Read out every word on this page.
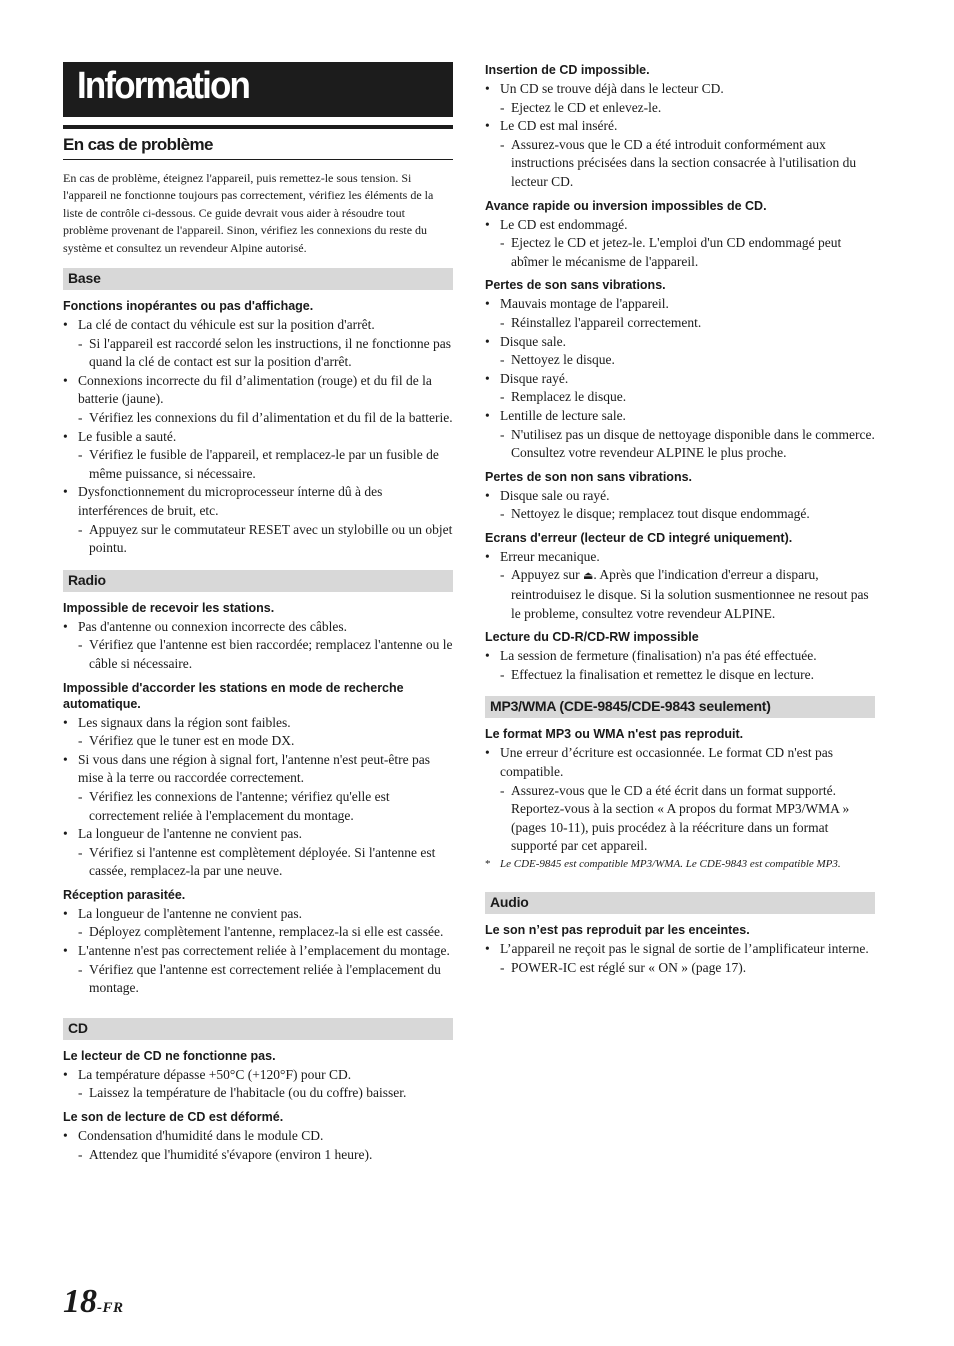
Information
En cas de problème

En cas de problème, éteignez l'appareil, puis remettez-le sous tension. Si l'appareil ne fonctionne toujours pas correctement, vérifiez les éléments de la liste de contrôle ci-dessous. Ce guide devrait vous aider à résoudre tout problème provenant de l'appareil. Sinon, vérifiez les connexions du reste du système et consultez un revendeur Alpine autorisé.

Base
Fonctions inopérantes ou pas d'affichage.
• La clé de contact du véhicule est sur la position d'arrêt.
- Si l'appareil est raccordé selon les instructions, il ne fonctionne pas quand la clé de contact est sur la position d'arrêt.
• Connexions incorrecte du fil d’alimentation (rouge) et du fil de la batterie (jaune).
- Vérifiez les connexions du fil d’alimentation et du fil de la batterie.
• Le fusible a sauté.
- Vérifiez le fusible de l'appareil, et remplacez-le par un fusible de même puissance, si nécessaire.
• Dysfonctionnement du microprocesseur ínterne dû à des interférences de bruit, etc.
- Appuyez sur le commutateur RESET avec un stylobille ou un objet pointu.
Radio
Impossible de recevoir les stations.
• Pas d'antenne ou connexion incorrecte des câbles.
- Vérifiez que l'antenne est bien raccordée; remplacez l'antenne ou le câble si nécessaire.
Impossible d'accorder les stations en mode de recherche automatique.
• Les signaux dans la région sont faibles.
- Vérifiez que le tuner est en mode DX.
• Si vous dans une région à signal fort, l'antenne n'est peut-être pas mise à la terre ou raccordée correctement.
- Vérifiez les connexions de l'antenne; vérifiez qu'elle est correctement reliée à l'emplacement du montage.
• La longueur de l'antenne ne convient pas.
- Vérifiez si l'antenne est complètement déployée. Si l'antenne est cassée, remplacez-la par une neuve.
Réception parasitée.
• La longueur de l'antenne ne convient pas.
- Déployez complètement l'antenne, remplacez-la si elle est cassée.
• L'antenne n'est pas correctement reliée à l’emplacement du montage.
- Vérifiez que l'antenne est correctement reliée à l'emplacement du montage.
CD
Le lecteur de CD ne fonctionne pas.
• La température dépasse +50°C (+120°F) pour CD.
- Laissez la température de l'habitacle (ou du coffre) baisser.
Le son de lecture de CD est déformé.
• Condensation d'humidité dans le module CD.
- Attendez que l'humidité s'évapore (environ 1 heure).
Insertion de CD impossible.
• Un CD se trouve déjà dans le lecteur CD.
- Ejectez le CD et enlevez-le.
• Le CD est mal inséré.
- Assurez-vous que le CD a été introduit conformément aux instructions précisées dans la section consacrée à l'utilisation du lecteur CD.
Avance rapide ou inversion impossibles de CD.
• Le CD est endommagé.
- Ejectez le CD et jetez-le. L'emploi d'un CD endommagé peut abîmer le mécanisme de l'appareil.
Pertes de son sans vibrations.
• Mauvais montage de l'appareil.
- Réinstallez l'appareil correctement.
• Disque sale.
- Nettoyez le disque.
• Disque rayé.
- Remplacez le disque.
• Lentille de lecture sale.
- N'utilisez pas un disque de nettoyage disponible dans le commerce. Consultez votre revendeur ALPINE le plus proche.
Pertes de son non sans vibrations.
• Disque sale ou rayé.
- Nettoyez le disque; remplacez tout disque endommagé.
Ecrans d'erreur (lecteur de CD integré uniquement).
• Erreur mecanique.
- Appuyez sur ⏏. Après que l'indication d'erreur a disparu, reintroduisez le disque. Si la solution susmentionnee ne resout pas le probleme, consultez votre revendeur ALPINE.
Lecture du CD-R/CD-RW impossible
• La session de fermeture (finalisation) n'a pas été effectuée.
- Effectuez la finalisation et remettez le disque en lecture.
MP3/WMA (CDE-9845/CDE-9843 seulement)
Le format MP3 ou WMA n'est pas reproduit.
• Une erreur d’écriture est occasionnée. Le format CD n'est pas compatible.
- Assurez-vous que le CD a été écrit dans un format supporté. Reportez-vous à la section « A propos du format MP3/WMA » (pages 10-11), puis procédez à la réécriture dans un format supporté par cet appareil.
* Le CDE-9845 est compatible MP3/WMA. Le CDE-9843 est compatible MP3.
Audio
Le son n’est pas reproduit par les enceintes.
• L’appareil ne reçoit pas le signal de sortie de l’amplificateur interne.
- POWER-IC est réglé sur « ON » (page 17).
18-FR
